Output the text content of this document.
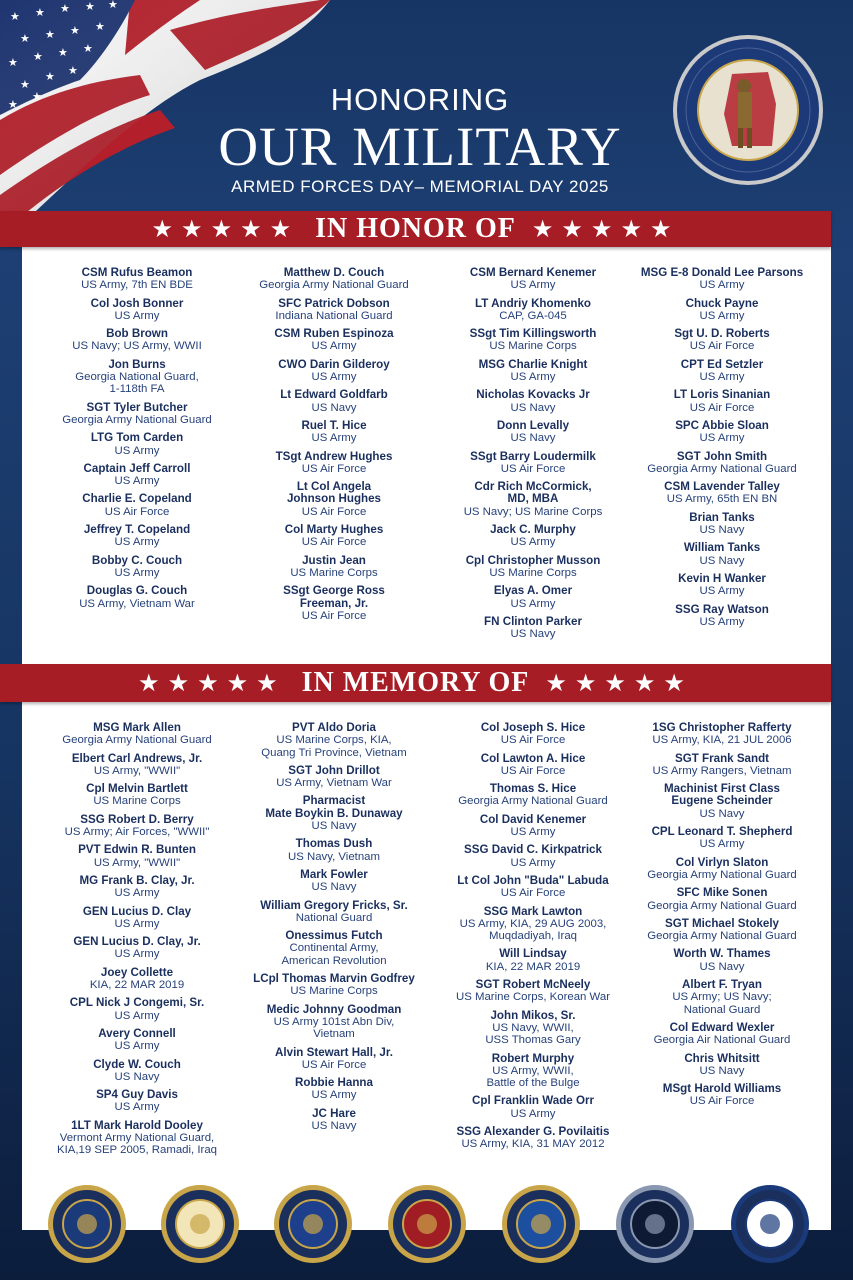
★ ★ ★ ★ ★
★ ★ ★ ★
★ ★ ★ ★
★
★ ★
★
★	HONORING
OUR MILITARY
ARMED FORCES DAY– MEMORIAL DAY 2025
★★★★★ IN HONOR OF ★★★★★
★★★★★ IN MEMORY OF ★★★★★
CSM Rufus Beamon
US Army, 7th EN BDE
Col Josh Bonner
US Army
Bob Brown
US Navy; US Army, WWII
Jon Burns
Georgia National Guard,
1-118th FA
SGT Tyler Butcher
Georgia Army National Guard
LTG Tom Carden
US Army
Captain Jeff Carroll
US Army
Charlie E. Copeland
US Air Force
Jeffrey T. Copeland
US Army
Bobby C. Couch
US Army
Douglas G. Couch
US Army, Vietnam War
Matthew D. Couch
Georgia Army National Guard
SFC Patrick Dobson
Indiana National Guard
CSM Ruben Espinoza
US Army
CWO Darin Gilderoy
US Army
Lt Edward Goldfarb
US Navy
Ruel T. Hice
US Army
TSgt Andrew Hughes
US Air Force
Lt Col Angela
Johnson Hughes
US Air Force
Col Marty Hughes
US Air Force
Justin Jean
US Marine Corps
SSgt George Ross
Freeman, Jr.
US Air Force
CSM Bernard Kenemer
US Army
LT Andriy Khomenko
CAP, GA-045
SSgt Tim Killingsworth
US Marine Corps
MSG Charlie Knight
US Army
Nicholas Kovacks Jr
US Navy
Donn Levally
US Navy
SSgt Barry Loudermilk
US Air Force
Cdr Rich McCormick,
MD, MBA
US Navy; US Marine Corps
Jack C. Murphy
US Army
Cpl Christopher Musson
US Marine Corps
Elyas A. Omer
US Army
FN Clinton Parker
US Navy
MSG E-8 Donald Lee Parsons
US Army
Chuck Payne
US Army
Sgt U. D. Roberts
US Air Force
CPT Ed Setzler
US Army
LT Loris Sinanian
US Air Force
SPC Abbie Sloan
US Army
SGT John Smith
Georgia Army National Guard
CSM Lavender Talley
US Army, 65th EN BN
Brian Tanks
US Navy
William Tanks
US Navy
Kevin H Wanker
US Army
SSG Ray Watson
US Army
MSG Mark Allen
Georgia Army National Guard
Elbert Carl Andrews, Jr.
US Army, "WWII"
Cpl Melvin Bartlett
US Marine Corps
SSG Robert D. Berry
US Army; Air Forces, "WWII"
PVT Edwin R. Bunten
US Army, "WWII"
MG Frank B. Clay, Jr.
US Army
GEN Lucius D. Clay
US Army
GEN Lucius D. Clay, Jr.
US Army
Joey Collette
KIA, 22 MAR 2019
CPL Nick J Congemi, Sr.
US Army
Avery Connell
US Army
Clyde W. Couch
US Navy
SP4 Guy Davis
US Army
1LT Mark Harold Dooley
Vermont Army National Guard,
KIA,19 SEP 2005, Ramadi, Iraq
PVT Aldo Doria
US Marine Corps, KIA,
Quang Tri Province, Vietnam
SGT John Drillot
US Army, Vietnam War
Pharmacist
Mate Boykin B. Dunaway
US Navy
Thomas Dush
US Navy, Vietnam
Mark Fowler
US Navy
William Gregory Fricks, Sr.
National Guard
Onessimus Futch
Continental Army,
American Revolution
LCpl Thomas Marvin Godfrey
US Marine Corps
Medic Johnny Goodman
US Army 101st Abn Div,
Vietnam
Alvin Stewart Hall, Jr.
US Air Force
Robbie Hanna
US Army
JC Hare
US Navy
Col Joseph S. Hice
US Air Force
Col Lawton A. Hice
US Air Force
Thomas S. Hice
Georgia Army National Guard
Col David Kenemer
US Army
SSG David C. Kirkpatrick
US Army
Lt Col John "Buda" Labuda
US Air Force
SSG Mark Lawton
US Army, KIA, 29 AUG 2003,
Muqdadiyah, Iraq
Will Lindsay
KIA, 22 MAR 2019
SGT Robert McNeely
US Marine Corps, Korean War
John Mikos, Sr.
US Navy, WWII,
USS Thomas Gary
Robert Murphy
US Army, WWII,
Battle of the Bulge
Cpl Franklin Wade Orr
US Army
SSG Alexander G. Povilaitis
US Army, KIA, 31 MAY 2012
1SG Christopher Rafferty
US Army, KIA, 21 JUL 2006
SGT Frank Sandt
US Army Rangers, Vietnam
Machinist First Class
Eugene Scheinder
US Navy
CPL Leonard T. Shepherd
US Army
Col Virlyn Slaton
Georgia Army National Guard
SFC Mike Sonen
Georgia Army National Guard
SGT Michael Stokely
Georgia Army National Guard
Worth W. Thames
US Navy
Albert F. Tryan
US Army; US Navy;
National Guard
Col Edward Wexler
Georgia Air National Guard
Chris Whitsitt
US Navy
MSgt Harold Williams
US Air Force
